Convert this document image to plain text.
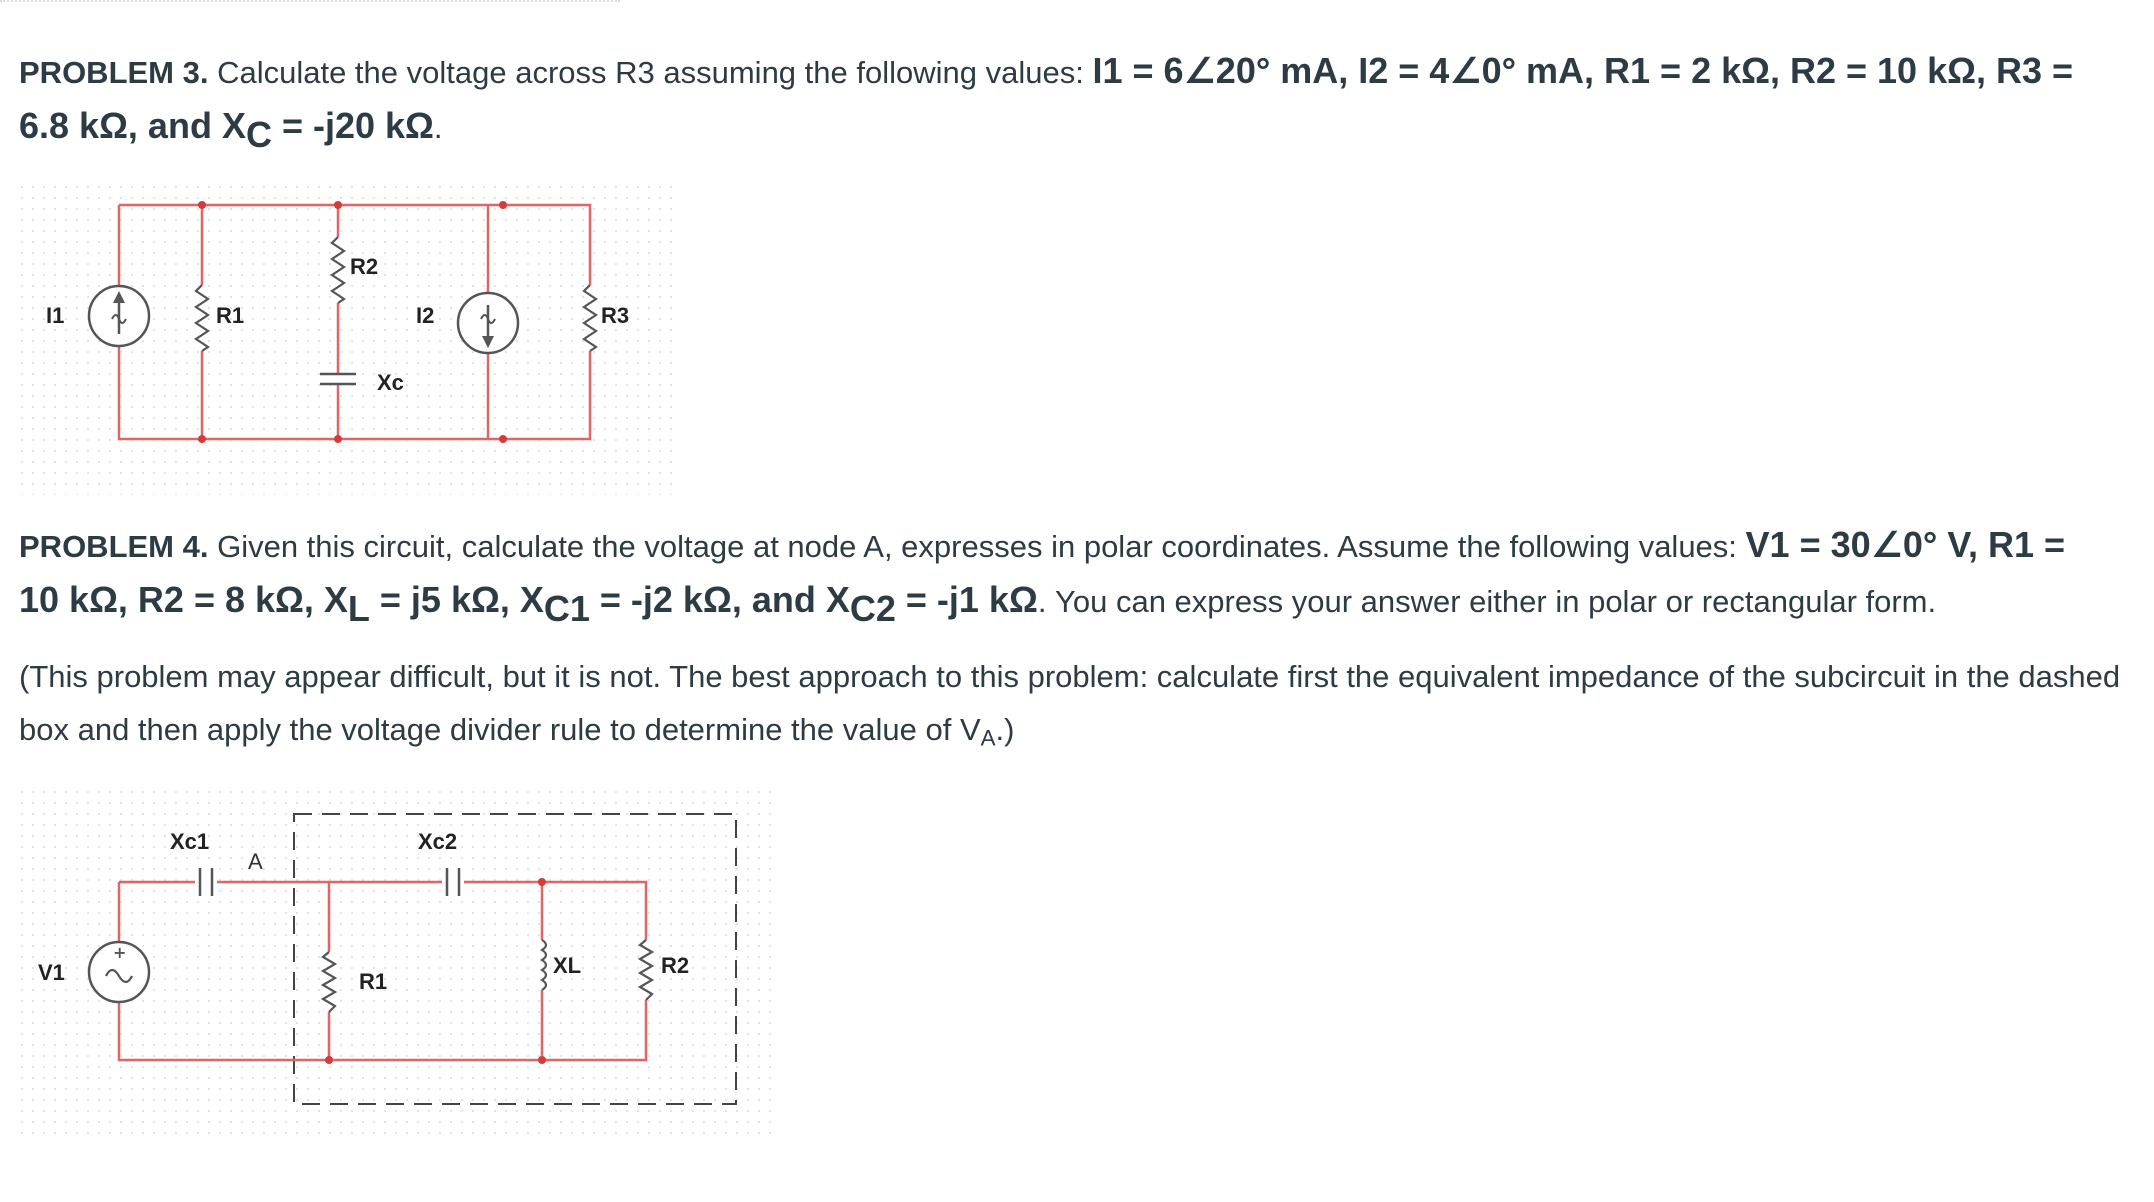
PROBLEM 3. Calculate the voltage across R3 assuming the following values: I1 = 6∠20° mA, I2 = 4∠0° mA, R1 = 2 kΩ, R2 = 10 kΩ, R3 =
6.8 kΩ, and $X_C = -j20$ kΩ.

I1	R1
R2
Xc
I2	R3

PROBLEM 4. Given this circuit, calculate the voltage at node A, expresses in polar coordinates. Assume the following values: V1 = 30∠0° V, R1 =
10 kΩ, R2 = 8 kΩ, $X_L = j5$ kΩ, $X_{C1} = -j2$ kΩ, and $X_{C2} = -j1$ kΩ. You can express your answer either in polar or rectangular form.

(This problem may appear difficult, but it is not. The best approach to this problem: calculate first the equivalent impedance of the subcircuit in the dashed box and then apply the voltage divider rule to determine the value of $V_A$.)

+
V1
Xc1
A
Xc2
R1
XL	R2
